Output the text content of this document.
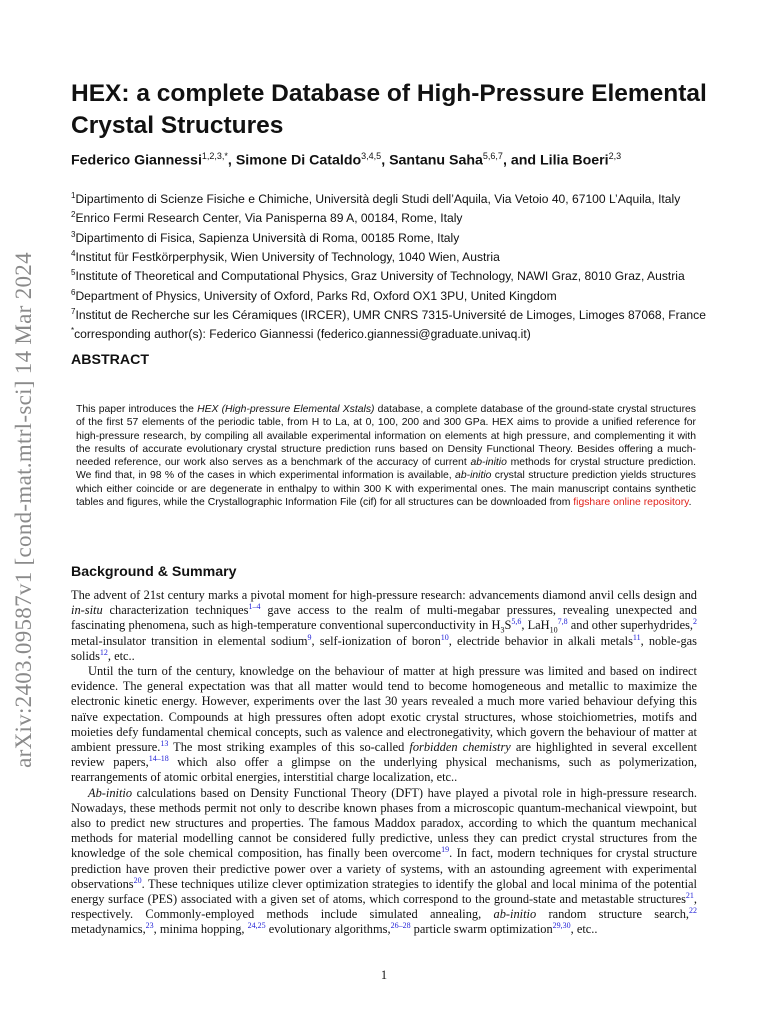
arXiv:2403.09587v1 [cond-mat.mtrl-sci] 14 Mar 2024
HEX: a complete Database of High-Pressure Elemental Crystal Structures
Federico Giannessi$^{1,2,3,*}$, Simone Di Cataldo$^{3,4,5}$, Santanu Saha$^{5,6,7}$, and Lilia Boeri$^{2,3}$
$^1$Dipartimento di Scienze Fisiche e Chimiche, Università degli Studi dell’Aquila, Via Vetoio 40, 67100 L’Aquila, Italy
$^2$Enrico Fermi Research Center, Via Panisperna 89 A, 00184, Rome, Italy
$^3$Dipartimento di Fisica, Sapienza Università di Roma, 00185 Rome, Italy
$^4$Institut für Festkörperphysik, Wien University of Technology, 1040 Wien, Austria
$^5$Institute of Theoretical and Computational Physics, Graz University of Technology, NAWI Graz, 8010 Graz, Austria
$^6$Department of Physics, University of Oxford, Parks Rd, Oxford OX1 3PU, United Kingdom
$^7$Institut de Recherche sur les Céramiques (IRCER), UMR CNRS 7315-Université de Limoges, Limoges 87068, France
*corresponding author(s): Federico Giannessi (federico.giannessi@graduate.univaq.it)
ABSTRACT
This paper introduces the HEX (High-pressure Elemental Xstals) database, a complete database of the ground-state crystal structures of the first 57 elements of the periodic table, from H to La, at 0, 100, 200 and 300 GPa. HEX aims to provide a unified reference for high-pressure research, by compiling all available experimental information on elements at high pressure, and complementing it with the results of accurate evolutionary crystal structure prediction runs based on Density Functional Theory. Besides offering a much-needed reference, our work also serves as a benchmark of the accuracy of current ab-initio methods for crystal structure prediction. We find that, in 98 % of the cases in which experimental information is available, ab-initio crystal structure prediction yields structures which either coincide or are degenerate in enthalpy to within 300 K with experimental ones. The main manuscript contains synthetic tables and figures, while the Crystallographic Information File (cif) for all structures can be downloaded from figshare online repository.
Background & Summary

The advent of 21st century marks a pivotal moment for high-pressure research: advancements diamond anvil cells design and in-situ characterization techniques$^{1-4}$ gave access to the realm of multi-megabar pressures, revealing unexpected and fascinating phenomena, such as high-temperature conventional superconductivity in $H_3S^{5,6}$, LaH$_{10}^{7,8}$ and other superhydrides,$^2$ metal-insulator transition in elemental sodium$^9$, self-ionization of boron$^{10}$, electride behavior in alkali metals$^{11}$, noble-gas solids$^{12}$, etc..

Until the turn of the century, knowledge on the behaviour of matter at high pressure was limited and based on indirect evidence. The general expectation was that all matter would tend to become homogeneous and metallic to maximize the electronic kinetic energy. However, experiments over the last 30 years revealed a much more varied behaviour defying this naïve expectation. Compounds at high pressures often adopt exotic crystal structures, whose stoichiometries, motifs and moieties defy fundamental chemical concepts, such as valence and electronegativity, which govern the behaviour of matter at ambient pressure.$^{13}$ The most striking examples of this so-called forbidden chemistry are highlighted in several excellent review papers,$^{14-18}$ which also offer a glimpse on the underlying physical mechanisms, such as polymerization, rearrangements of atomic orbital energies, interstitial charge localization, etc..

Ab-initio calculations based on Density Functional Theory (DFT) have played a pivotal role in high-pressure research. Nowadays, these methods permit not only to describe known phases from a microscopic quantum-mechanical viewpoint, but also to predict new structures and properties. The famous Maddox paradox, according to which the quantum mechanical methods for material modelling cannot be considered fully predictive, unless they can predict crystal structures from the knowledge of the sole chemical composition, has finally been overcome$^{19}$. In fact, modern techniques for crystal structure prediction have proven their predictive power over a variety of systems, with an astounding agreement with experimental observations$^{20}$. These techniques utilize clever optimization strategies to identify the global and local minima of the potential energy surface (PES) associated with a given set of atoms, which correspond to the ground-state and metastable structures$^{21}$, respectively. Commonly-employed methods include simulated annealing, ab-initio random structure search,$^{22}$ metadynamics,$^{23}$, minima hopping, $^{24,25}$ evolutionary algorithms,$^{26-28}$ particle swarm optimization$^{29,30}$, etc..

1
